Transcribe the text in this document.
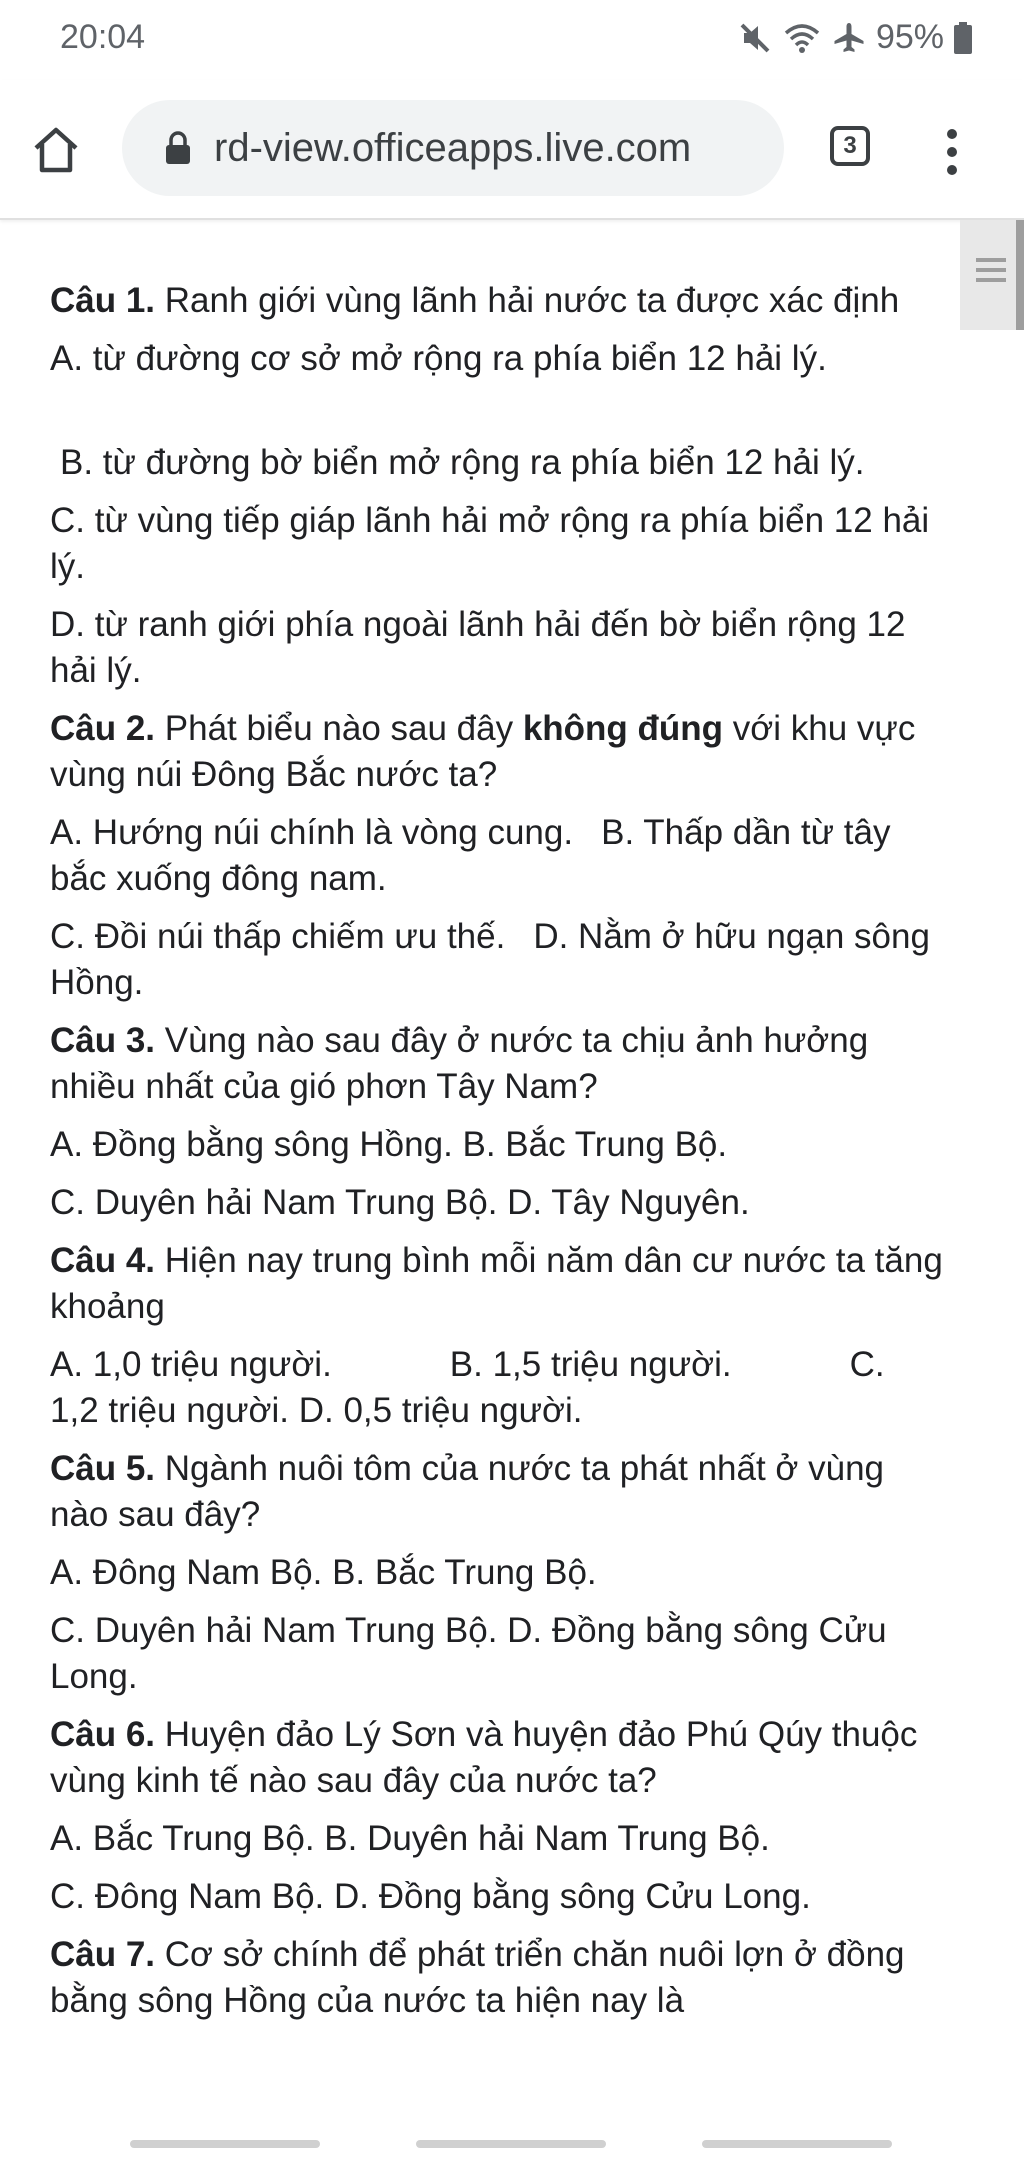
20:04	95%
rd-view.officeapps.live.com	3

Câu 1. Ranh giới vùng lãnh hải nước ta được xác định

A. từ đường cơ sở mở rộng ra phía biển 12 hải lý.

B. từ đường bờ biển mở rộng ra phía biển 12 hải lý.

C. từ vùng tiếp giáp lãnh hải mở rộng ra phía biển 12 hải lý.

D. từ ranh giới phía ngoài lãnh hải đến bờ biển rộng 12 hải lý.

Câu 2. Phát biểu nào sau đây không đúng với khu vực vùng núi Đông Bắc nước ta?

A. Hướng núi chính là vòng cung. B. Thấp dần từ tây bắc xuống đông nam.

C. Đồi núi thấp chiếm ưu thế. D. Nằm ở hữu ngạn sông Hồng.

Câu 3. Vùng nào sau đây ở nước ta chịu ảnh hưởng nhiều nhất của gió phơn Tây Nam?

A. Đồng bằng sông Hồng. B. Bắc Trung Bộ.

C. Duyên hải Nam Trung Bộ. D. Tây Nguyên.

Câu 4. Hiện nay trung bình mỗi năm dân cư nước ta tăng khoảng

A. 1,0 triệu người.	B. 1,5 triệu người.	C.
1,2 triệu người. D. 0,5 triệu người.

Câu 5. Ngành nuôi tôm của nước ta phát nhất ở vùng nào sau đây?

A. Đông Nam Bộ. B. Bắc Trung Bộ.

C. Duyên hải Nam Trung Bộ. D. Đồng bằng sông Cửu Long.

Câu 6. Huyện đảo Lý Sơn và huyện đảo Phú Qúy thuộc vùng kinh tế nào sau đây của nước ta?

A. Bắc Trung Bộ. B. Duyên hải Nam Trung Bộ.

C. Đông Nam Bộ. D. Đồng bằng sông Cửu Long.

Câu 7. Cơ sở chính để phát triển chăn nuôi lợn ở đồng bằng sông Hồng của nước ta hiện nay là
